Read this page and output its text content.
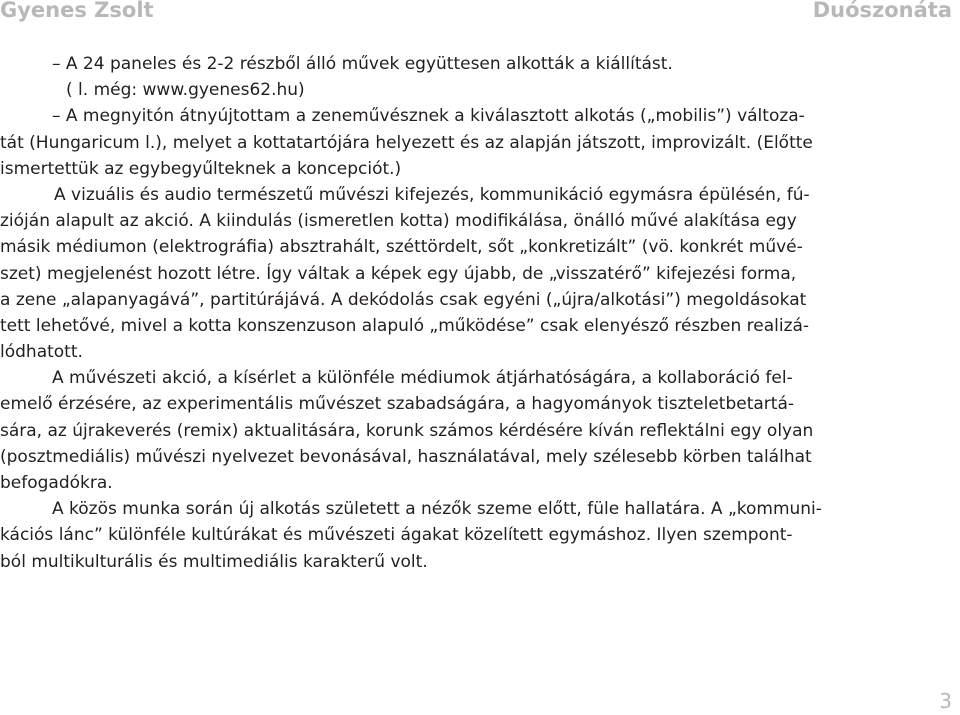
Gyenes Zsolt	Duószonáta
– A 24 paneles és 2-2 részből álló művek együttesen alkották a kiállítást.
( l. még: www.gyenes62.hu)
– A megnyitón átnyújtottam a zeneművésznek a kiválasztott alkotás („mobilis”) változa-
tát (Hungaricum l.), melyet a kottatartójára helyezett és az alapján játszott, improvizált. (Előtte
ismertettük az egybegyűlteknek a koncepciót.)
A vizuális és audio természetű művészi kifejezés, kommunikáció egymásra épülésén, fú-
zióján alapult az akció. A kiindulás (ismeretlen kotta) modifikálása, önálló művé alakítása egy
másik médiumon (elektrográfia) absztrahált, széttördelt, sőt „konkretizált” (vö. konkrét művé-
szet) megjelenést hozott létre. Így váltak a képek egy újabb, de „visszatérő” kifejezési forma,
a zene „alapanyagává”, partitúrájává. A dekódolás csak egyéni („újra/alkotási”) megoldásokat
tett lehetővé, mivel a kotta konszenzuson alapuló „működése” csak elenyésző részben realizá-
lódhatott.
A művészeti akció, a kísérlet a különféle médiumok átjárhatóságára, a kollaboráció fel-
emelő érzésére, az experimentális művészet szabadságára, a hagyományok tiszteletbetartá-
sára, az újrakeverés (remix) aktualitására, korunk számos kérdésére kíván reflektálni egy olyan
(posztmediális) művészi nyelvezet bevonásával, használatával, mely szélesebb körben találhat
befogadókra.
A közös munka során új alkotás született a nézők szeme előtt, füle hallatára. A „kommuni-
kációs lánc” különféle kultúrákat és művészeti ágakat közelített egymáshoz. Ilyen szempont-
ból multikulturális és multimediális karakterű volt.
3
